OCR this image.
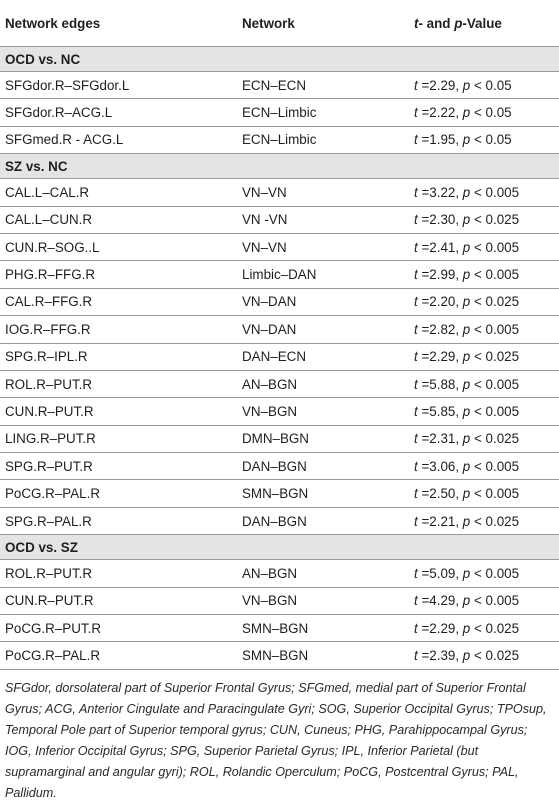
Network edges	Network	t- and p-Value
OCD vs. NC		
SFGdor.R–SFGdor.L	ECN–ECN	t =2.29, p < 0.05
SFGdor.R–ACG.L	ECN–Limbic	t =2.22, p < 0.05
SFGmed.R - ACG.L	ECN–Limbic	t =1.95, p < 0.05
SZ vs. NC		
CAL.L–CAL.R	VN–VN	t =3.22, p < 0.005
CAL.L–CUN.R	VN -VN	t =2.30, p < 0.025
CUN.R–SOG..L	VN–VN	t =2.41, p < 0.005
PHG.R–FFG.R	Limbic–DAN	t =2.99, p < 0.005
CAL.R–FFG.R	VN–DAN	t =2.20, p < 0.025
IOG.R–FFG.R	VN–DAN	t =2.82, p < 0.005
SPG.R–IPL.R	DAN–ECN	t =2.29, p < 0.025
ROL.R–PUT.R	AN–BGN	t =5.88, p < 0.005
CUN.R–PUT.R	VN–BGN	t =5.85, p < 0.005
LING.R–PUT.R	DMN–BGN	t =2.31, p < 0.025
SPG.R–PUT.R	DAN–BGN	t =3.06, p < 0.005
PoCG.R–PAL.R	SMN–BGN	t =2.50, p < 0.005
SPG.R–PAL.R	DAN–BGN	t =2.21, p < 0.025
OCD vs. SZ		
ROL.R–PUT.R	AN–BGN	t =5.09, p < 0.005
CUN.R–PUT.R	VN–BGN	t =4.29, p < 0.005
PoCG.R–PUT.R	SMN–BGN	t =2.29, p < 0.025
PoCG.R–PAL.R	SMN–BGN	t =2.39, p < 0.025
SFGdor, dorsolateral part of Superior Frontal Gyrus; SFGmed, medial part of Superior Frontal Gyrus; ACG, Anterior Cingulate and Paracingulate Gyri; SOG, Superior Occipital Gyrus; TPOsup, Temporal Pole part of Superior temporal gyrus; CUN, Cuneus; PHG, Parahippocampal Gyrus; IOG, Inferior Occipital Gyrus; SPG, Superior Parietal Gyrus; IPL, Inferior Parietal (but supramarginal and angular gyri); ROL, Rolandic Operculum; PoCG, Postcentral Gyrus; PAL, Pallidum.
